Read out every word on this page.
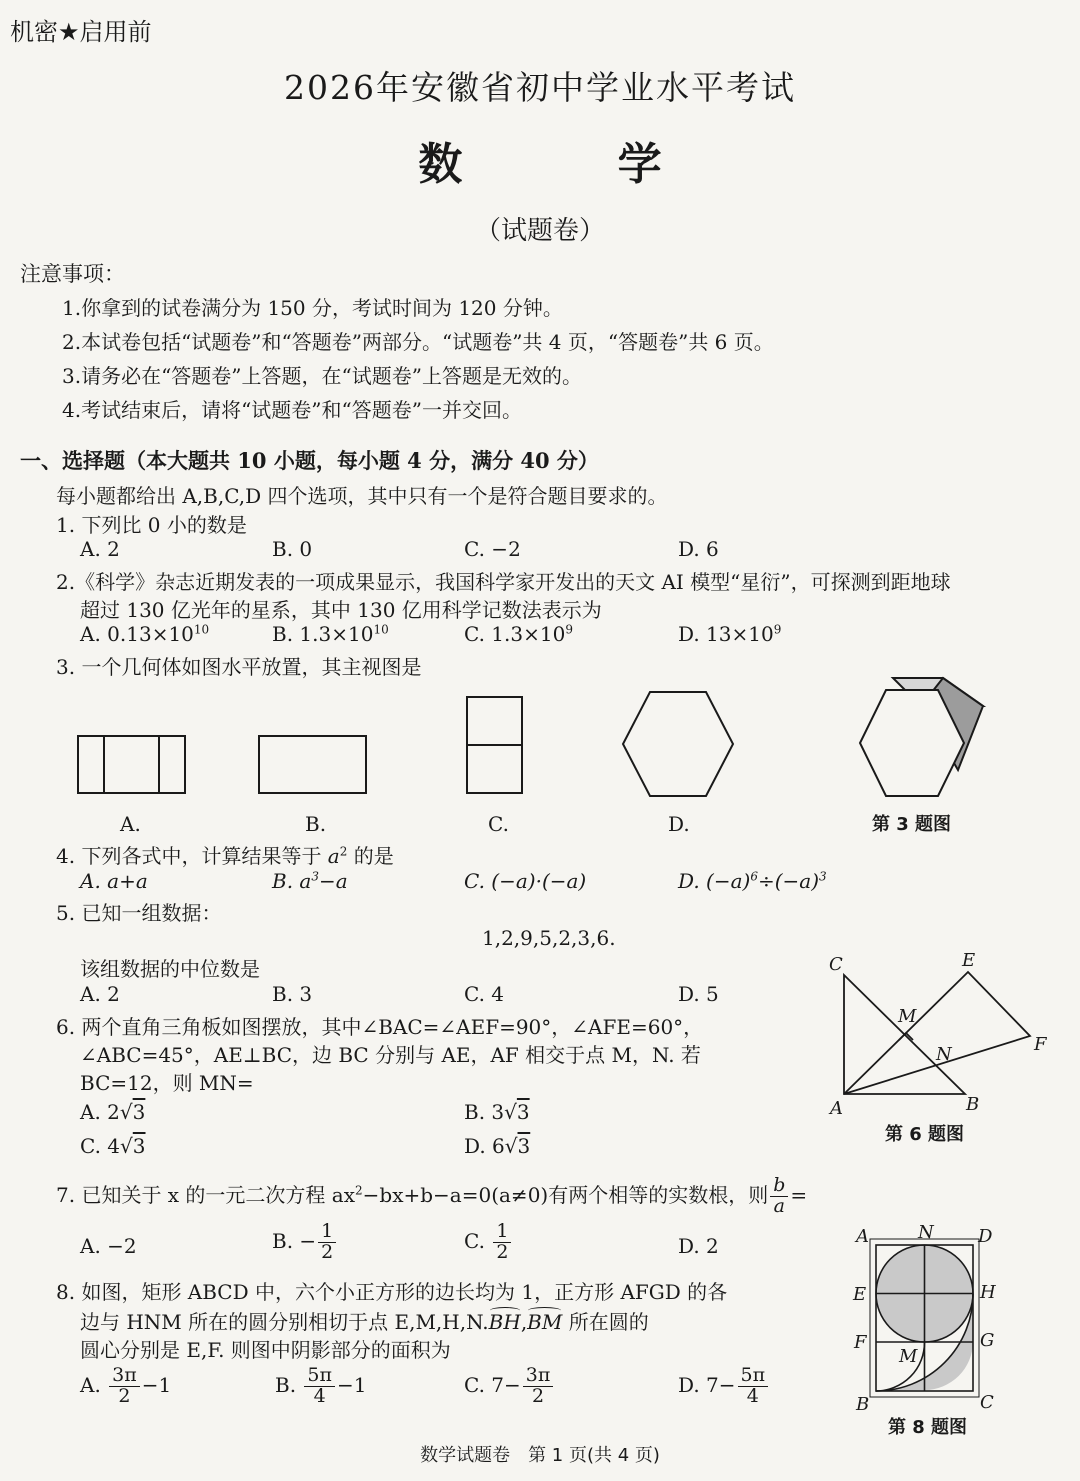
机密★启用前
2026年安徽省初中学业水平考试
数 学
（试题卷）
注意事项：
1.你拿到的试卷满分为 150 分，考试时间为 120 分钟。
2.本试卷包括“试题卷”和“答题卷”两部分。“试题卷”共 4 页，“答题卷”共 6 页。
3.请务必在“答题卷”上答题，在“试题卷”上答题是无效的。
4.考试结束后，请将“试题卷”和“答题卷”一并交回。
一、选择题（本大题共 10 小题，每小题 4 分，满分 40 分）
每小题都给出 A,B,C,D 四个选项，其中只有一个是符合题目要求的。
1. 下列比 0 小的数是
A. 2	B. 0	C. −2	D. 6
2.《科学》杂志近期发表的一项成果显示，我国科学家开发出的天文 AI 模型“星衍”，可探测到距地球
超过 130 亿光年的星系，其中 130 亿用科学记数法表示为
A. $0.13\times 10^{10}$	B. $1.3\times 10^{10}$	C. $1.3\times 10^9$	D. $13\times 10^9$
3. 一个几何体如图水平放置，其主视图是
A.	B.	C.	D.	第 3 题图
4. 下列各式中，计算结果等于 $a^2$ 的是
A. a+a	B. $a^3-a$	C. (−a)·(−a)	D. $(-a)^6\div(-a)^3$
5. 已知一组数据：
1,2,9,5,2,3,6.
该组数据的中位数是
A. 2	B. 3	C. 4	D. 5
6. 两个直角三角板如图摆放，其中∠BAC=∠AEF=90°，∠AFE=60°，
∠ABC=45°，AE⊥BC，边 BC 分别与 AE，AF 相交于点 M，N. 若
BC=12，则 MN=
A. 2√3	B. 3√3
C. 4√3	D. 6√3
C	E
M
F
N
A	B
第 6 题图
7. 已知关于 x 的一元二次方程 $ax^2-bx+b-a=0(a\ne 0)$有两个相等的实数根，则 $\frac{b}{a}$ =
A. −2	B. − $\frac{1}{2}$	C. $\frac{1}{2}$	D. 2
8. 如图，矩形 ABCD 中，六个小正方形的边长均为 1，正方形 AFGD 的各
边与 HNM 所在的圆分别相切于点 E,M,H,N.BH,BM 所在圆的
圆心分别是 E,F. 则图中阴影部分的面积为
A. $\frac{3\pi}{2} -1$	B. $\frac{5\pi}{4} -1$	C. $7- \frac{3\pi}{2}$	D. $7- \frac{5\pi}{4}$
A	N D
E	H
F	G
M
B	C
第 8 题图
数学试题卷　第 1 页(共 4 页)
